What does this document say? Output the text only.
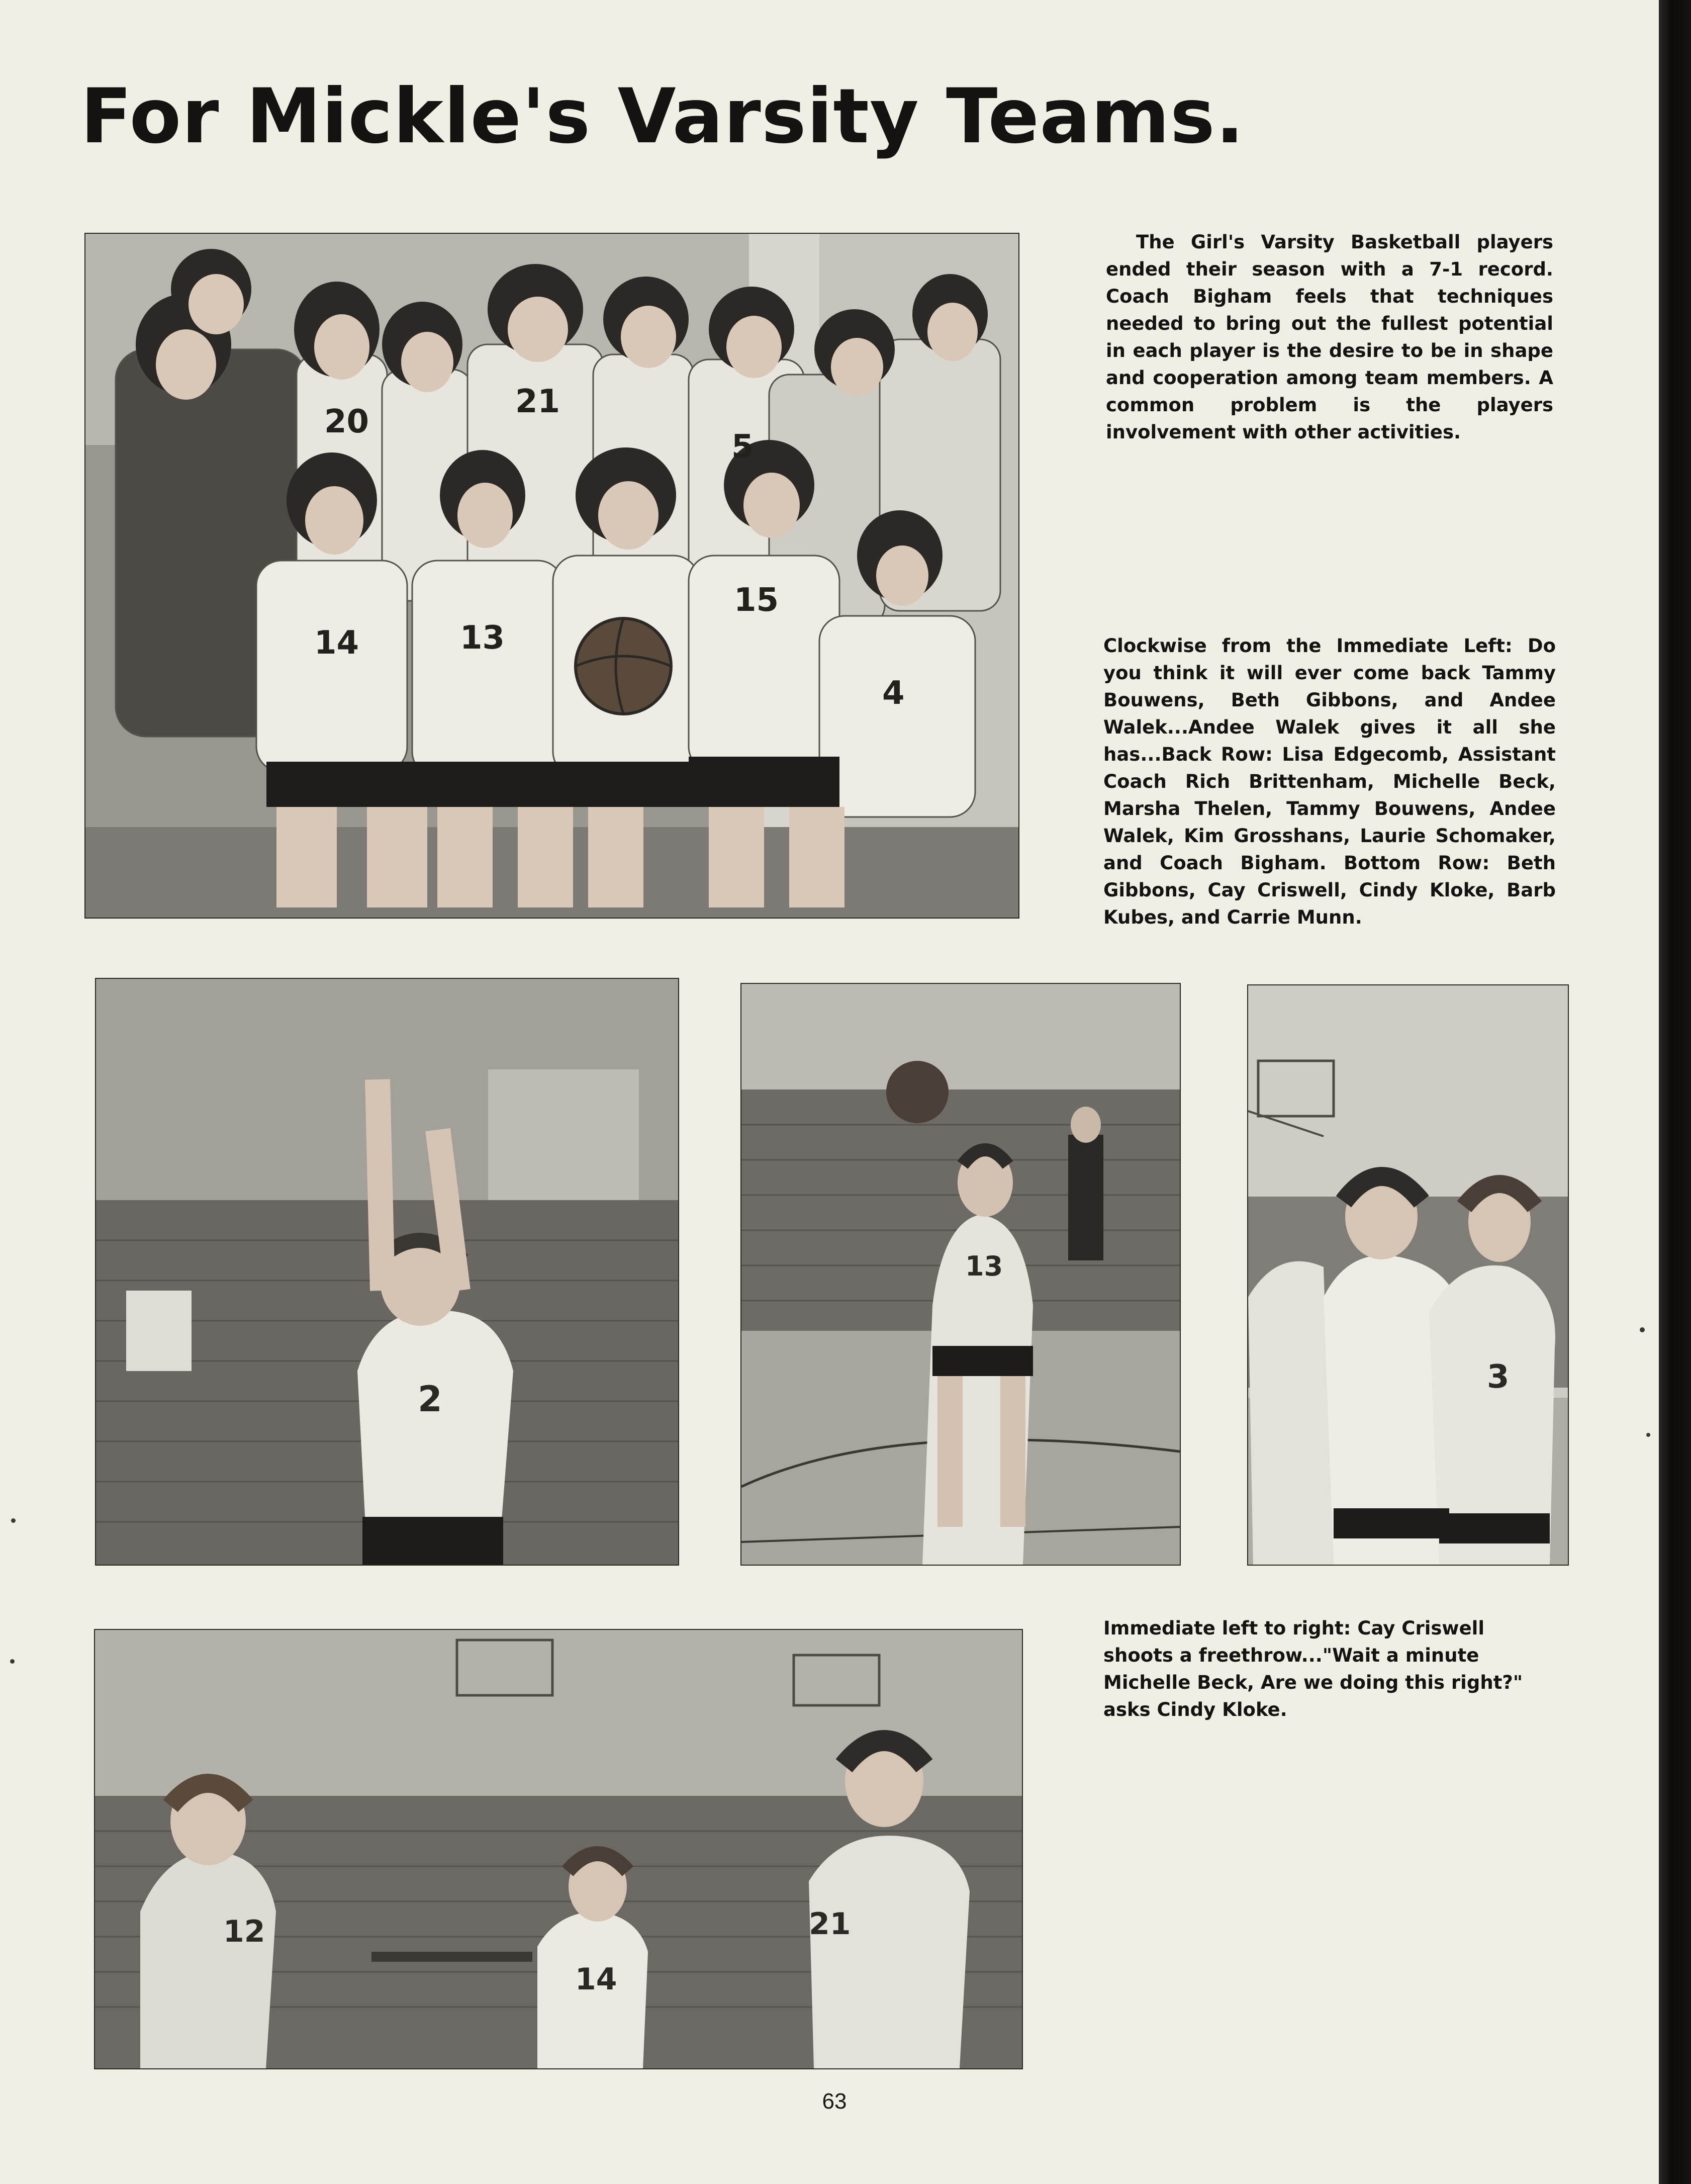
For Mickle's Varsity Teams.
20
21
5
14	13
15
4

The Girl's Varsity Basketball players ended their season with a 7-1 record. Coach Bigham feels that techniques needed to bring out the fullest potential in each player is the desire to be in shape and cooperation among team members. A common problem is the players involvement with other activities.

Clockwise from the Immediate Left: Do you think it will ever come back Tammy Bouwens, Beth Gibbons, and Andee Walek...Andee Walek gives it all she has...Back Row: Lisa Edgecomb, Assistant Coach Rich Brittenham, Michelle Beck, Marsha Thelen, Tammy Bouwens, Andee Walek, Kim Grosshans, Laurie Schomaker, and Coach Bigham. Bottom Row: Beth Gibbons, Cay Criswell, Cindy Kloke, Barb Kubes, and Carrie Munn.

2
13
3

Immediate left to right: Cay Criswell shoots a freethrow..."Wait a minute Michelle Beck, Are we doing this right?" asks Cindy Kloke.

12
14
21
63
